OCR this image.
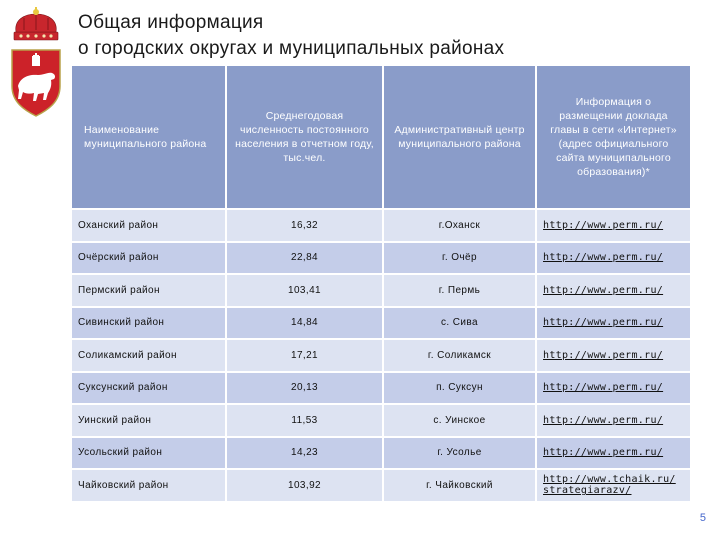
Общая информация
о городских округах и муниципальных районах
Наименование муниципального района	Среднегодовая численность постоянного населения в отчетном году, тыс.чел.	Административный центр муниципального района	Информация о размещении доклада главы в сети «Интернет» (адрес официального сайта муниципального образования)*
Оханский район	16,32	г.Оханск	http://www.perm.ru/
Очёрский район	22,84	г. Очёр	http://www.perm.ru/
Пермский район	103,41	г. Пермь	http://www.perm.ru/
Сивинский район	14,84	с. Сива	http://www.perm.ru/
Соликамский район	17,21	г. Соликамск	http://www.perm.ru/
Суксунский район	20,13	п. Суксун	http://www.perm.ru/
Уинский район	11,53	с. Уинское	http://www.perm.ru/
Усольский район	14,23	г. Усолье	http://www.perm.ru/
Чайковский район	103,92	г. Чайковский	http://www.tchaik.ru/ strategiarazv/
5
